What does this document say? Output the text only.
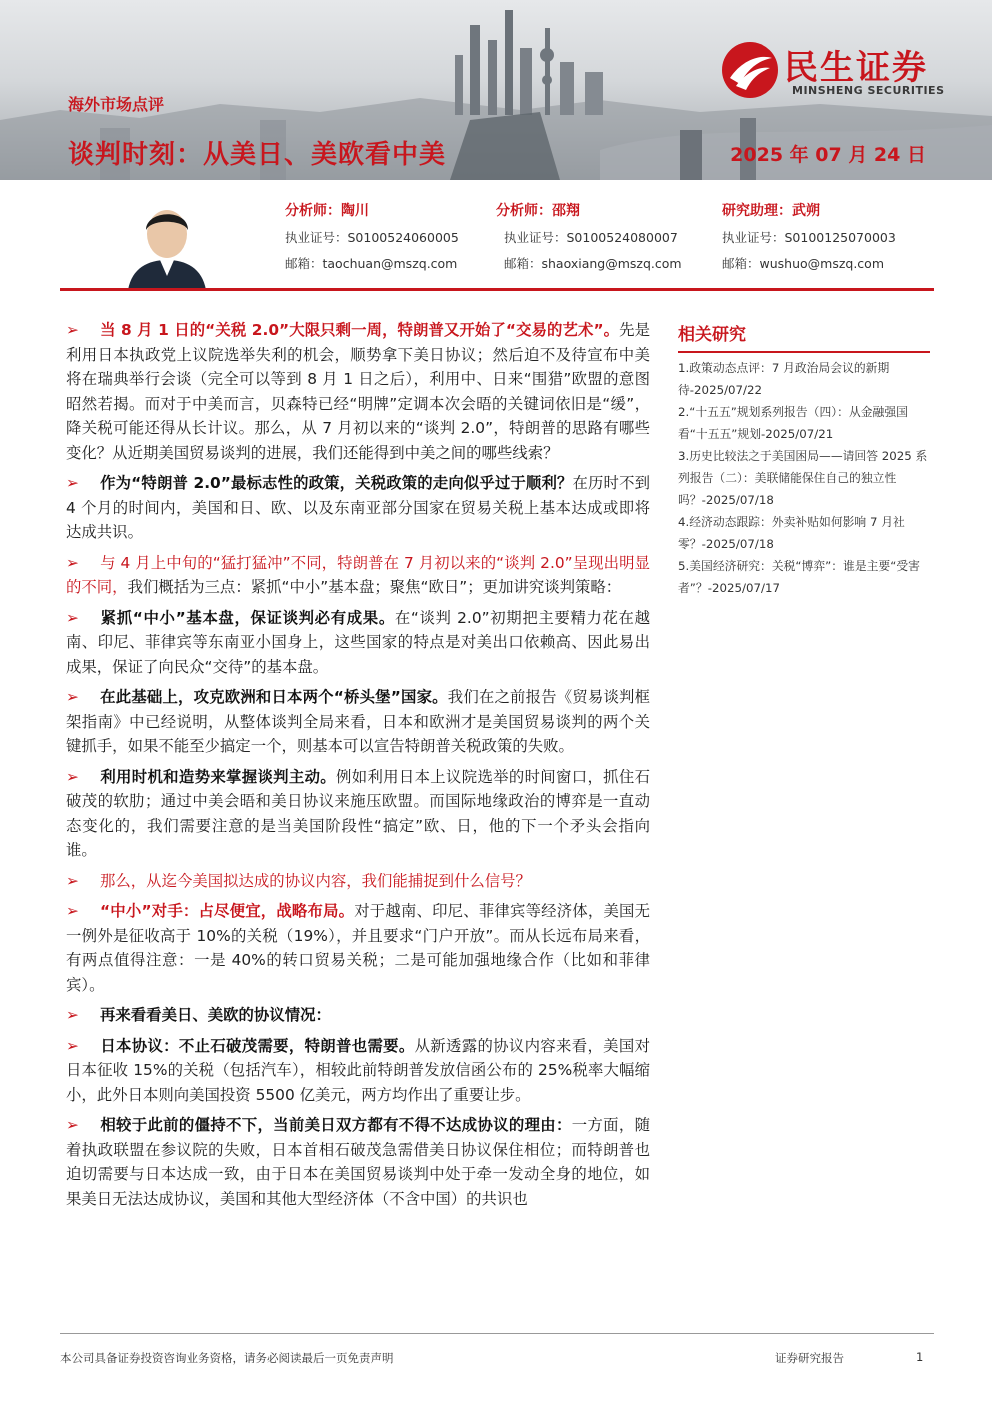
民生证券
MINSHENG SECURITIES
海外市场点评
谈判时刻：从美日、美欧看中美	2025 年 07 月 24 日
分析师：陶川
执业证号：S0100524060005
邮箱：taochuan@mszq.com
分析师：邵翔
执业证号：S0100524080007
邮箱：shaoxiang@mszq.com
研究助理：武朔
执业证号：S0100125070003
邮箱：wushuo@mszq.com

➢ 当 8 月 1 日的“关税 2.0”大限只剩一周，特朗普又开始了“交易的艺术”。先是利用日本执政党上议院选举失利的机会，顺势拿下美日协议；然后迫不及待宣布中美将在瑞典举行会谈（完全可以等到 8 月 1 日之后），利用中、日来“围猎”欧盟的意图昭然若揭。而对于中美而言，贝森特已经“明牌”定调本次会晤的关键词依旧是“缓”，降关税可能还得从长计议。那么，从 7 月初以来的“谈判 2.0”，特朗普的思路有哪些变化？从近期美国贸易谈判的进展，我们还能得到中美之间的哪些线索？

➢ 作为“特朗普 2.0”最标志性的政策，关税政策的走向似乎过于顺利？在历时不到 4 个月的时间内，美国和日、欧、以及东南亚部分国家在贸易关税上基本达成或即将达成共识。

➢ 与 4 月上中旬的“猛打猛冲”不同，特朗普在 7 月初以来的“谈判 2.0”呈现出明显的不同，我们概括为三点：紧抓“中小”基本盘；聚焦“欧日”；更加讲究谈判策略：

➢ 紧抓“中小”基本盘，保证谈判必有成果。在“谈判 2.0”初期把主要精力花在越南、印尼、菲律宾等东南亚小国身上，这些国家的特点是对美出口依赖高、因此易出成果，保证了向民众“交待”的基本盘。

➢ 在此基础上，攻克欧洲和日本两个“桥头堡”国家。我们在之前报告《贸易谈判框架指南》中已经说明，从整体谈判全局来看，日本和欧洲才是美国贸易谈判的两个关键抓手，如果不能至少搞定一个，则基本可以宣告特朗普关税政策的失败。

➢ 利用时机和造势来掌握谈判主动。例如利用日本上议院选举的时间窗口，抓住石破茂的软肋；通过中美会晤和美日协议来施压欧盟。而国际地缘政治的博弈是一直动态变化的，我们需要注意的是当美国阶段性“搞定”欧、日，他的下一个矛头会指向谁。

➢ 那么，从迄今美国拟达成的协议内容，我们能捕捉到什么信号？

➢ “中小”对手：占尽便宜，战略布局。对于越南、印尼、菲律宾等经济体，美国无一例外是征收高于 10%的关税（19%），并且要求“门户开放”。而从长远布局来看，有两点值得注意：一是 40%的转口贸易关税；二是可能加强地缘合作（比如和菲律宾）。

➢ 再来看看美日、美欧的协议情况：

➢ 日本协议：不止石破茂需要，特朗普也需要。从新透露的协议内容来看，美国对日本征收 15%的关税（包括汽车），相较此前特朗普发放信函公布的 25%税率大幅缩小，此外日本则向美国投资 5500 亿美元，两方均作出了重要让步。

➢ 相较于此前的僵持不下，当前美日双方都有不得不达成协议的理由：一方面，随着执政联盟在参议院的失败，日本首相石破茂急需借美日协议保住相位；而特朗普也迫切需要与日本达成一致，由于日本在美国贸易谈判中处于牵一发动全身的地位，如果美日无法达成协议，美国和其他大型经济体（不含中国）的共识也

相关研究
1.政策动态点评：7 月政治局会议的新期待-2025/07/22
2.“十五五”规划系列报告（四）：从金融强国看“十五五”规划-2025/07/21
3.历史比较法之于美国困局——请回答 2025 系列报告（二）：美联储能保住自己的独立性吗？-2025/07/18
4.经济动态跟踪：外卖补贴如何影响 7 月社零？-2025/07/18
5.美国经济研究：关税“博弈”：谁是主要“受害者”？-2025/07/17
本公司具备证券投资咨询业务资格，请务必阅读最后一页免责声明	证券研究报告	1
